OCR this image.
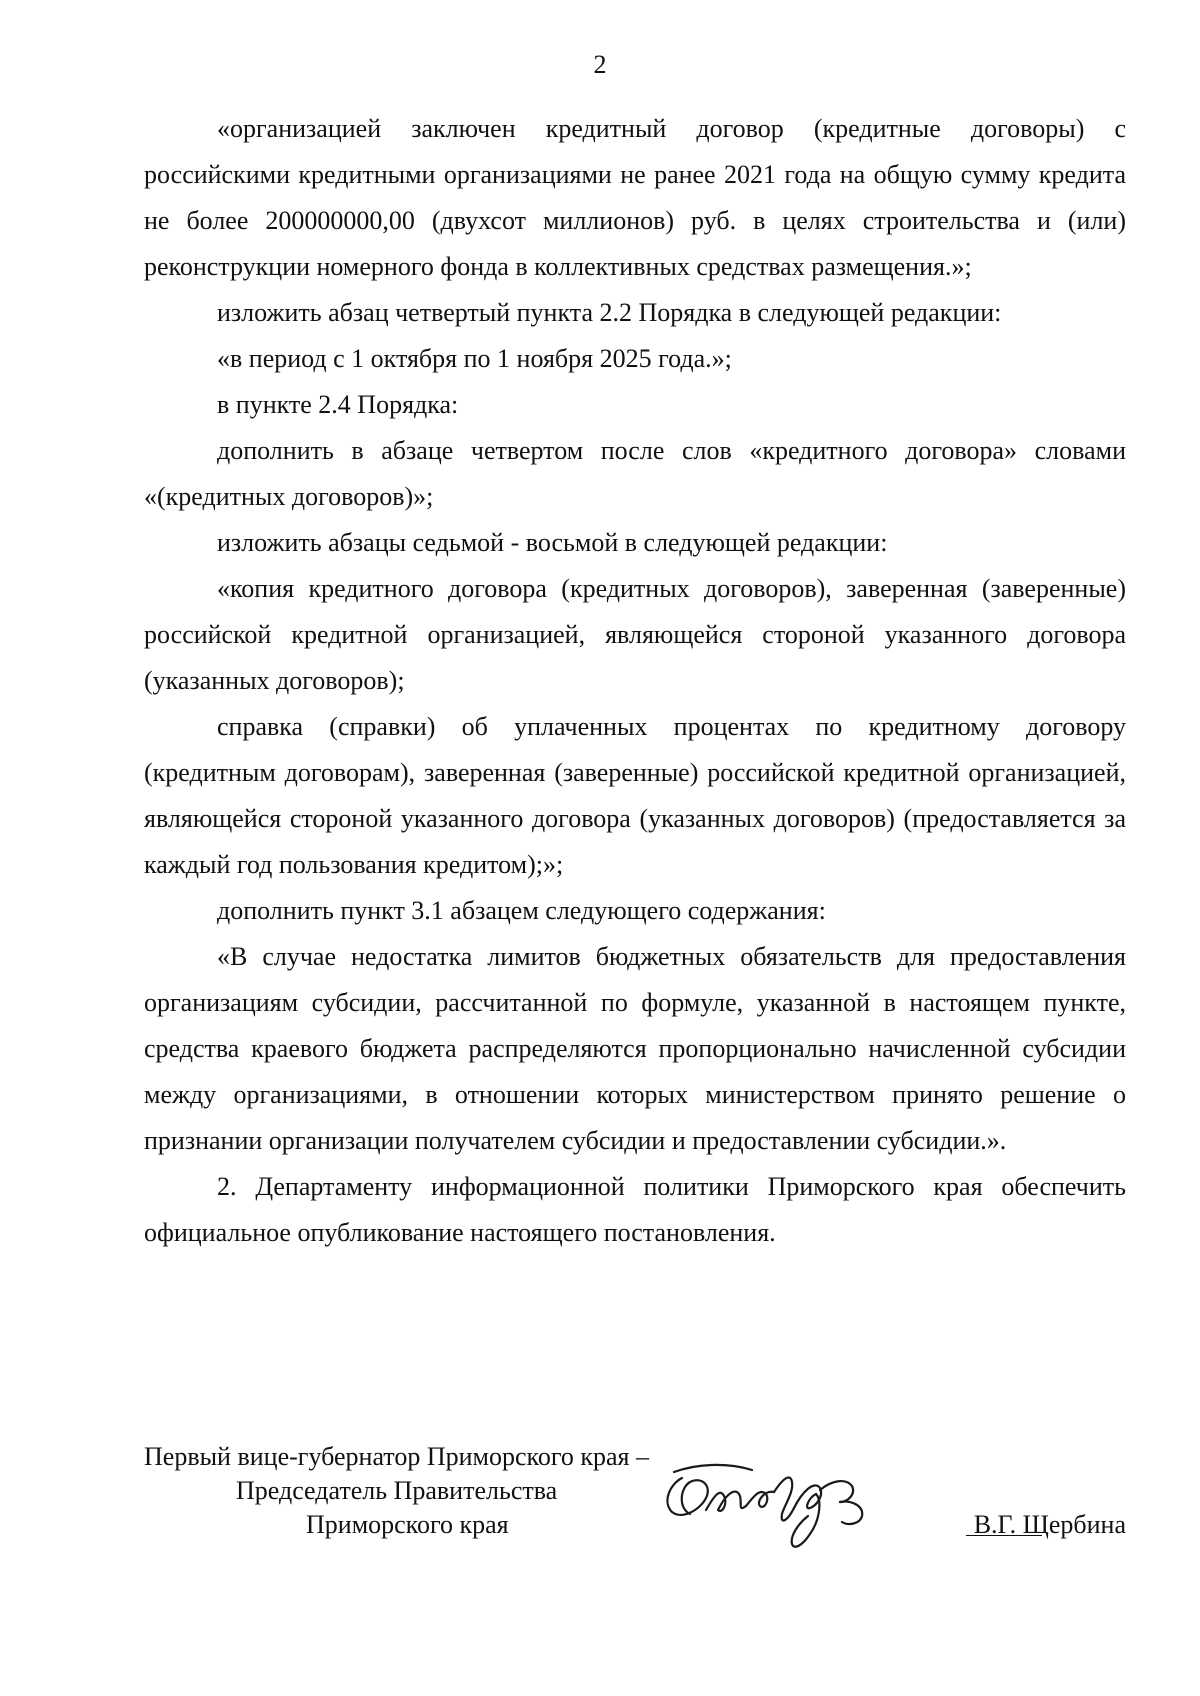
2

«организацией заключен кредитный договор (кредитные договоры) с российскими кредитными организациями не ранее 2021 года на общую сумму кредита не более 200000000,00 (двухсот миллионов) руб. в целях строительства и (или) реконструкции номерного фонда в коллективных средствах размещения.»;

изложить абзац четвертый пункта 2.2 Порядка в следующей редакции:

«в период с 1 октября по 1 ноября 2025 года.»;

в пункте 2.4 Порядка:

дополнить в абзаце четвертом после слов «кредитного договора» словами «(кредитных договоров)»;

изложить абзацы седьмой - восьмой в следующей редакции:

«копия кредитного договора (кредитных договоров), заверенная (заверенные) российской кредитной организацией, являющейся стороной указанного договора (указанных договоров);

справка (справки) об уплаченных процентах по кредитному договору (кредитным договорам), заверенная (заверенные) российской кредитной организацией, являющейся стороной указанного договора (указанных договоров) (предоставляется за каждый год пользования кредитом);»;

дополнить пункт 3.1 абзацем следующего содержания:

«В случае недостатка лимитов бюджетных обязательств для предоставления организациям субсидии, рассчитанной по формуле, указанной в настоящем пункте, средства краевого бюджета распределяются пропорционально начисленной субсидии между организациями, в отношении которых министерством принято решение о признании организации получателем субсидии и предоставлении субсидии.».

2. Департаменту информационной политики Приморского края обеспечить официальное опубликование настоящего постановления.

Первый вице-губернатор Приморского края –
Председатель Правительства
Приморского края	В.Г. Щербина
